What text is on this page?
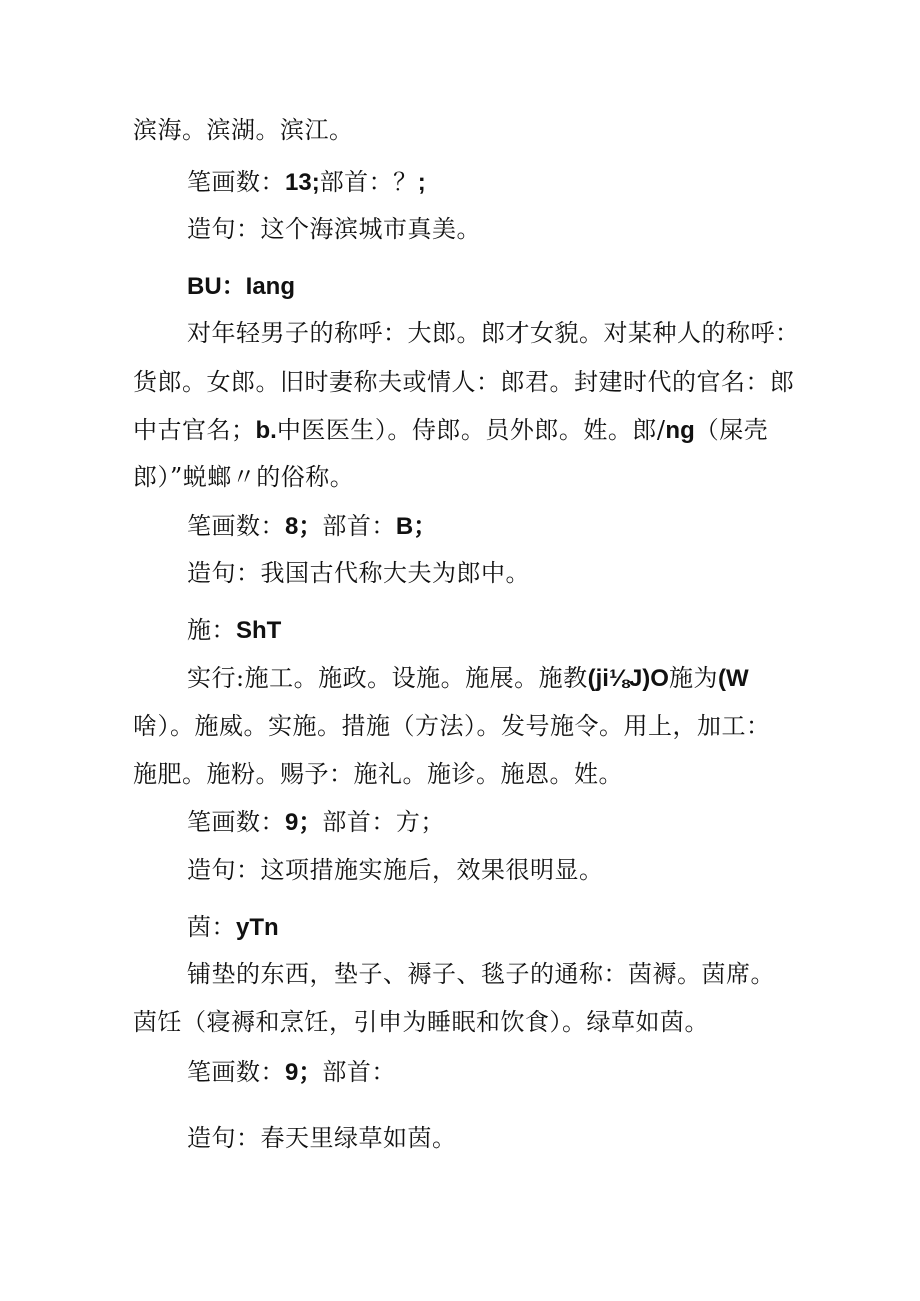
滨海。滨湖。滨江。
笔画数：13;部首：？;
造句：这个海滨城市真美。
BU：Iang
对年轻男子的称呼：大郎。郎才女貌。对某种人的称呼：
货郎。女郎。旧时妻称夫或情人：郎君。封建时代的官名：郎
中古官名；b.中医医生）。侍郎。员外郎。姓。郎/ng（屎壳
郎）”蜕螂〃的俗称。
笔画数：8；部首：B；
造句：我国古代称大夫为郎中。
施：ShT
实行:施工。施政。设施。施展。施教(ji⅛J)O施为(W
啥）。施威。实施。措施（方法）。发号施令。用上，加工：
施肥。施粉。赐予：施礼。施诊。施恩。姓。
笔画数：9；部首：方；
造句：这项措施实施后，效果很明显。
茵：yTn
铺垫的东西，垫子、褥子、毯子的通称：茵褥。茵席。
茵饪（寝褥和烹饪，引申为睡眠和饮食）。绿草如茵。
笔画数：9；部首：
造句：春天里绿草如茵。
